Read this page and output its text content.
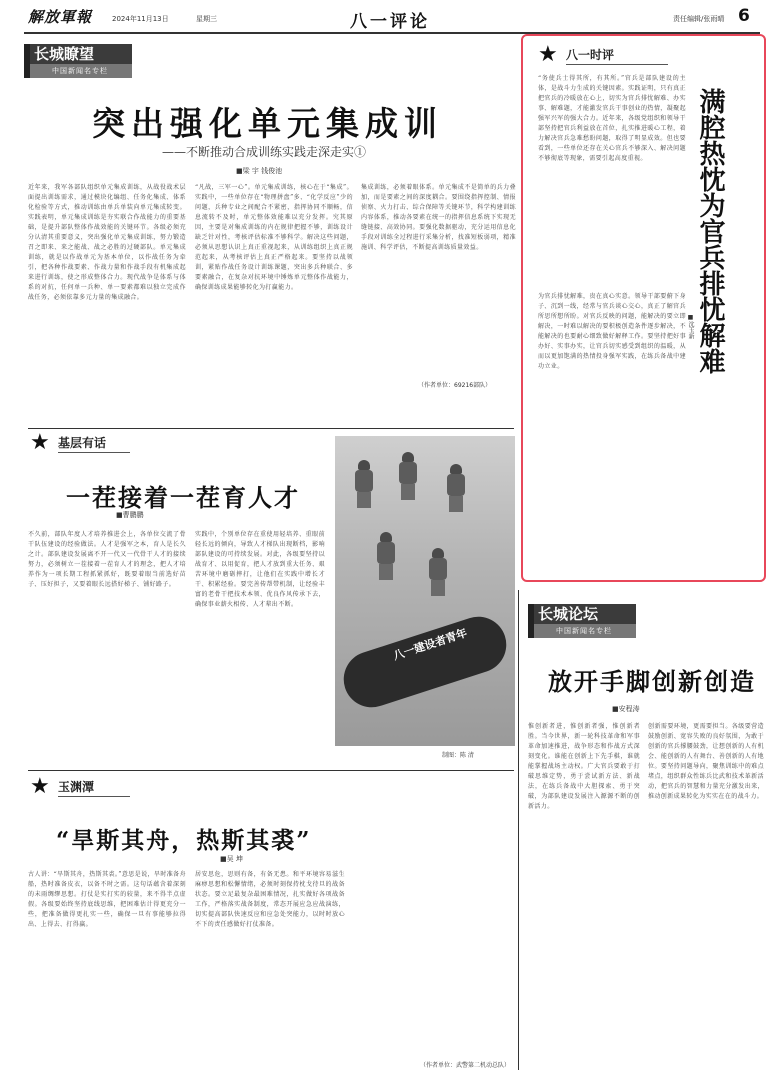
解放軍報	2024年11月13日	星期三	八一评论	责任编辑/张雨晴 6
长城瞭望
中国新闻名专栏
突出强化单元集成训
——不断推动合成训练实践走深走实①
■梁 宇 钱俊池
近年来，我军各部队组织单元集成训练，从战役战术层面提出训练需求，通过模块化编组、任务化集成、体系化检验等方式，推动训练由单兵单装向单元集成转变。实践表明，单元集成训练是夯实联合作战能力的重要基础，是提升部队整体作战效能的关键环节。各级必须充分认清其重要意义，突出强化单元集成训练，努力锻造召之即来、来之能战、战之必胜的过硬部队。单元集成训练，就是以作战单元为基本单位，以作战任务为牵引，把各种作战要素、作战力量和作战手段有机集成起来进行训练，使之形成整体合力。现代战争是体系与体系的对抗，任何单一兵种、单一要素都难以独立完成作战任务，必须依靠多元力量的集成融合。
“凡战，三军一心”。单元集成训练，核心在于“集成”。实践中，一些单位存在“物理拼盘”多、“化学反应”少的问题，兵种专业之间配合不紧密，指挥协同不顺畅，信息流转不及时，单元整体效能难以充分发挥。究其原因，主要是对集成训练的内在规律把握不够，训练设计缺乏针对性，考核评估标准不够科学。解决这些问题，必须从思想认识上真正重视起来，从训练组织上真正规范起来，从考核评估上真正严格起来。要坚持以战领训，紧贴作战任务设计训练课题，突出多兵种联合、多要素融合，在复杂对抗环境中锤炼单元整体作战能力，确保训练成果能够转化为打赢能力。
集成训练，必须着眼体系。单元集成不是简单的兵力叠加，而是要素之间的深度耦合。要围绕指挥控制、情报侦察、火力打击、综合保障等关键环节，科学构建训练内容体系，推动各要素在统一的指挥信息系统下实现无缝链接、高效协同。要强化数据驱动，充分运用信息化手段对训练全过程进行采集分析，找准短板弱项，精准施训、科学评估，不断提高训练质量效益。
（作者单位：69216部队）
★ 八一时评
“务使兵士得其所，有其所。”官兵是部队建设的主体，是战斗力生成的关键因素。实践证明，只有真正把官兵的冷暖放在心上，切实为官兵排忧解难、办实事、解难题，才能激发官兵干事创业的热情，凝聚起强军兴军的强大合力。近年来，各级党组织和领导干部坚持把官兵利益放在首位，扎实推进暖心工程，着力解决官兵急难愁盼问题，取得了明显成效。但也要看到，一些单位还存在关心官兵不够深入、解决问题不够彻底等现象，需要引起高度重视。
为官兵排忧解难，贵在真心实意。领导干部要俯下身子、沉到一线，经常与官兵谈心交心，真正了解官兵所思所想所盼。对官兵反映的问题，能解决的要立即解决，一时难以解决的要积极创造条件逐步解决，不能解决的也要耐心细致做好解释工作。要坚持把好事办好、实事办实，让官兵切实感受到组织的温暖，从而以更加饱满的热情投身强军实践，在练兵备战中建功立业。	满腔热忱为官兵排忧解难
■沈玉新
★ 基层有话
一茬接着一茬育人才
■曹鹏鹏
不久前，部队年度人才培养推进会上，各单位交流了骨干队伍建设的经验做法。人才是强军之本，育人是长久之计。部队建设发展离不开一代又一代骨干人才的接续努力，必须树立一茬接着一茬育人才的理念，把人才培养作为一项长期工程抓紧抓好，既要着眼当前选好苗子、压好担子，又要着眼长远搭好梯子、铺好路子。
实践中，个别单位存在重使用轻培养、重眼前轻长远的倾向，导致人才梯队出现断档，影响部队建设的可持续发展。对此，各级要坚持以战育才、以用促育，把人才放到重大任务、艰苦环境中磨砺摔打，让他们在实践中增长才干、积累经验。要完善传帮带机制，让经验丰富的老骨干把技术本领、优良作风传承下去，确保事业薪火相传、人才辈出不断。
八一建设者青年
制图：陈 清
★ 玉渊潭
“旱斯其舟，热斯其裘”
■吴 坤
古人讲：“旱斯其舟，热斯其裘。”意思是说，旱时准备舟船，热时准备皮衣，以备不时之需。这句话蕴含着深刻的未雨绸缪思想。打仗是实打实的较量，来不得半点虚假。各级要始终坚持底线思维，把困难估计得更充分一些，把准备做得更扎实一些，确保一旦有事能够拉得出、上得去、打得赢。
居安思危，思则有备，有备无患。和平环境容易滋生麻痹思想和松懈情绪，必须时刻保持枕戈待旦的战备状态。要立足最复杂最困难情况，扎实做好各项战备工作，严格落实战备制度，常态开展应急应战演练，切实提高部队快速反应和应急处突能力，以时时放心不下的责任感做好打仗准备。
（作者单位：武警第二机动总队）
长城论坛
中国新闻名专栏
放开手脚创新创造
■安程涛
惟创新者进，惟创新者强，惟创新者胜。当今世界，新一轮科技革命和军事革命加速推进，战争形态和作战方式深刻变化。谁能在创新上下先手棋，谁就能掌握战场主动权。广大官兵要敢于打破思维定势，勇于尝试新方法、新战法，在练兵备战中大胆探索、勇于突破，为部队建设发展注入源源不断的创新活力。
创新需要环境，更需要担当。各级要营造鼓励创新、宽容失败的良好氛围，为敢于创新的官兵撑腰鼓劲，让想创新的人有机会、能创新的人有舞台、善创新的人有地位。要坚持问题导向，聚焦训练中的难点堵点，组织群众性练兵比武和技术革新活动，把官兵的智慧和力量充分激发出来，推动创新成果转化为实实在在的战斗力。
